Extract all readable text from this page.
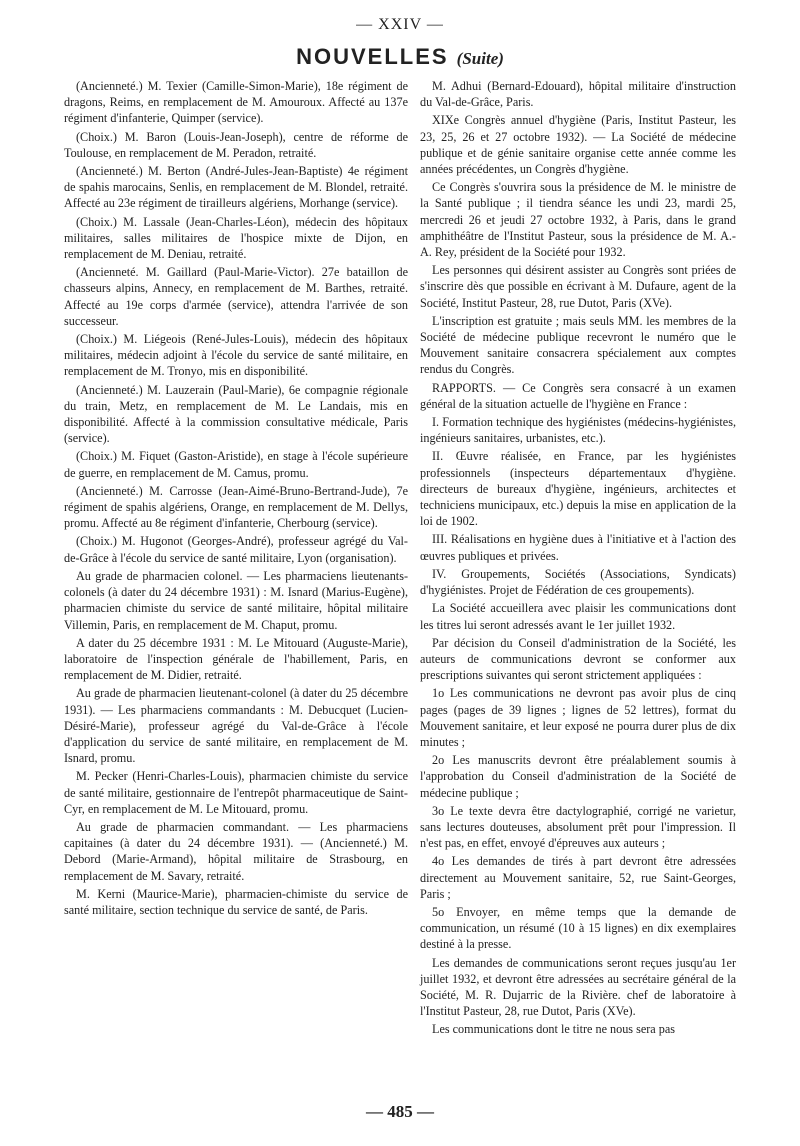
— XXIV —
NOUVELLES (Suite)

(Ancienneté.) M. Texier (Camille-Simon-Marie), 18e régiment de dragons, Reims, en remplacement de M. Amouroux. Affecté au 137e régiment d'infanterie, Quimper (service).

(Choix.) M. Baron (Louis-Jean-Joseph), centre de réforme de Toulouse, en remplacement de M. Peradon, retraité.

(Ancienneté.) M. Berton (André-Jules-Jean-Baptiste) 4e régiment de spahis marocains, Senlis, en remplacement de M. Blondel, retraité. Affecté au 23e régiment de tirailleurs algériens, Morhange (service).

(Choix.) M. Lassale (Jean-Charles-Léon), médecin des hôpitaux militaires, salles militaires de l'hospice mixte de Dijon, en remplacement de M. Deniau, retraité.

(Ancienneté. M. Gaillard (Paul-Marie-Victor). 27e bataillon de chasseurs alpins, Annecy, en remplacement de M. Barthes, retraité. Affecté au 19e corps d'armée (service), attendra l'arrivée de son successeur.

(Choix.) M. Liégeois (René-Jules-Louis), médecin des hôpitaux militaires, médecin adjoint à l'école du service de santé militaire, en remplacement de M. Tronyo, mis en disponibilité.

(Ancienneté.) M. Lauzerain (Paul-Marie), 6e compagnie régionale du train, Metz, en remplacement de M. Le Landais, mis en disponibilité. Affecté à la commission consultative médicale, Paris (service).

(Choix.) M. Fiquet (Gaston-Aristide), en stage à l'école supérieure de guerre, en remplacement de M. Camus, promu.

(Ancienneté.) M. Carrosse (Jean-Aimé-Bruno-Bertrand-Jude), 7e régiment de spahis algériens, Orange, en remplacement de M. Dellys, promu. Affecté au 8e régiment d'infanterie, Cherbourg (service).

(Choix.) M. Hugonot (Georges-André), professeur agrégé du Val-de-Grâce à l'école du service de santé militaire, Lyon (organisation).

Au grade de pharmacien colonel. — Les pharmaciens lieutenants-colonels (à dater du 24 décembre 1931) : M. Isnard (Marius-Eugène), pharmacien chimiste du service de santé militaire, hôpital militaire Villemin, Paris, en remplacement de M. Chaput, promu.

A dater du 25 décembre 1931 : M. Le Mitouard (Auguste-Marie), laboratoire de l'inspection générale de l'habillement, Paris, en remplacement de M. Didier, retraité.

Au grade de pharmacien lieutenant-colonel (à dater du 25 décembre 1931). — Les pharmaciens commandants : M. Debucquet (Lucien-Désiré-Marie), professeur agrégé du Val-de-Grâce à l'école d'application du service de santé militaire, en remplacement de M. Isnard, promu.

M. Pecker (Henri-Charles-Louis), pharmacien chimiste du service de santé militaire, gestionnaire de l'entrepôt pharmaceutique de Saint-Cyr, en remplacement de M. Le Mitouard, promu.

Au grade de pharmacien commandant. — Les pharmaciens capitaines (à dater du 24 décembre 1931). — (Ancienneté.) M. Debord (Marie-Armand), hôpital militaire de Strasbourg, en remplacement de M. Savary, retraité.

M. Kerni (Maurice-Marie), pharmacien-chimiste du service de santé militaire, section technique du service de santé, de Paris.

M. Adhui (Bernard-Edouard), hôpital militaire d'instruction du Val-de-Grâce, Paris.

XIXe Congrès annuel d'hygiène (Paris, Institut Pasteur, les 23, 25, 26 et 27 octobre 1932). — La Société de médecine publique et de génie sanitaire organise cette année comme les années précédentes, un Congrès d'hygiène.

Ce Congrès s'ouvrira sous la présidence de M. le ministre de la Santé publique ; il tiendra séance les undi 23, mardi 25, mercredi 26 et jeudi 27 octobre 1932, à Paris, dans le grand amphithéâtre de l'Institut Pasteur, sous la présidence de M. A.-A. Rey, président de la Société pour 1932.

Les personnes qui désirent assister au Congrès sont priées de s'inscrire dès que possible en écrivant à M. Dufaure, agent de la Société, Institut Pasteur, 28, rue Dutot, Paris (XVe).

L'inscription est gratuite ; mais seuls MM. les membres de la Société de médecine publique recevront le numéro que le Mouvement sanitaire consacrera spécialement aux comptes rendus du Congrès.

RAPPORTS. — Ce Congrès sera consacré à un examen général de la situation actuelle de l'hygiène en France :

I. Formation technique des hygiénistes (médecins-hygiénistes, ingénieurs sanitaires, urbanistes, etc.).

II. Œuvre réalisée, en France, par les hygiénistes professionnels (inspecteurs départementaux d'hygiène. directeurs de bureaux d'hygiène, ingénieurs, architectes et techniciens municipaux, etc.) depuis la mise en application de la loi de 1902.

III. Réalisations en hygiène dues à l'initiative et à l'action des œuvres publiques et privées.

IV. Groupements, Sociétés (Associations, Syndicats) d'hygiénistes. Projet de Fédération de ces groupements).

La Société accueillera avec plaisir les communications dont les titres lui seront adressés avant le 1er juillet 1932.

Par décision du Conseil d'administration de la Société, les auteurs de communications devront se conformer aux prescriptions suivantes qui seront strictement appliquées :

1o Les communications ne devront pas avoir plus de cinq pages (pages de 39 lignes ; lignes de 52 lettres), format du Mouvement sanitaire, et leur exposé ne pourra durer plus de dix minutes ;

2o Les manuscrits devront être préalablement soumis à l'approbation du Conseil d'administration de la Société de médecine publique ;

3o Le texte devra être dactylographié, corrigé ne varietur, sans lectures douteuses, absolument prêt pour l'impression. Il n'est pas, en effet, envoyé d'épreuves aux auteurs ;

4o Les demandes de tirés à part devront être adressées directement au Mouvement sanitaire, 52, rue Saint-Georges, Paris ;

5o Envoyer, en même temps que la demande de communication, un résumé (10 à 15 lignes) en dix exemplaires destiné à la presse.

Les demandes de communications seront reçues jusqu'au 1er juillet 1932, et devront être adressées au secrétaire général de la Société, M. R. Dujarric de la Rivière. chef de laboratoire à l'Institut Pasteur, 28, rue Dutot, Paris (XVe).

Les communications dont le titre ne nous sera pas

— 485 —
